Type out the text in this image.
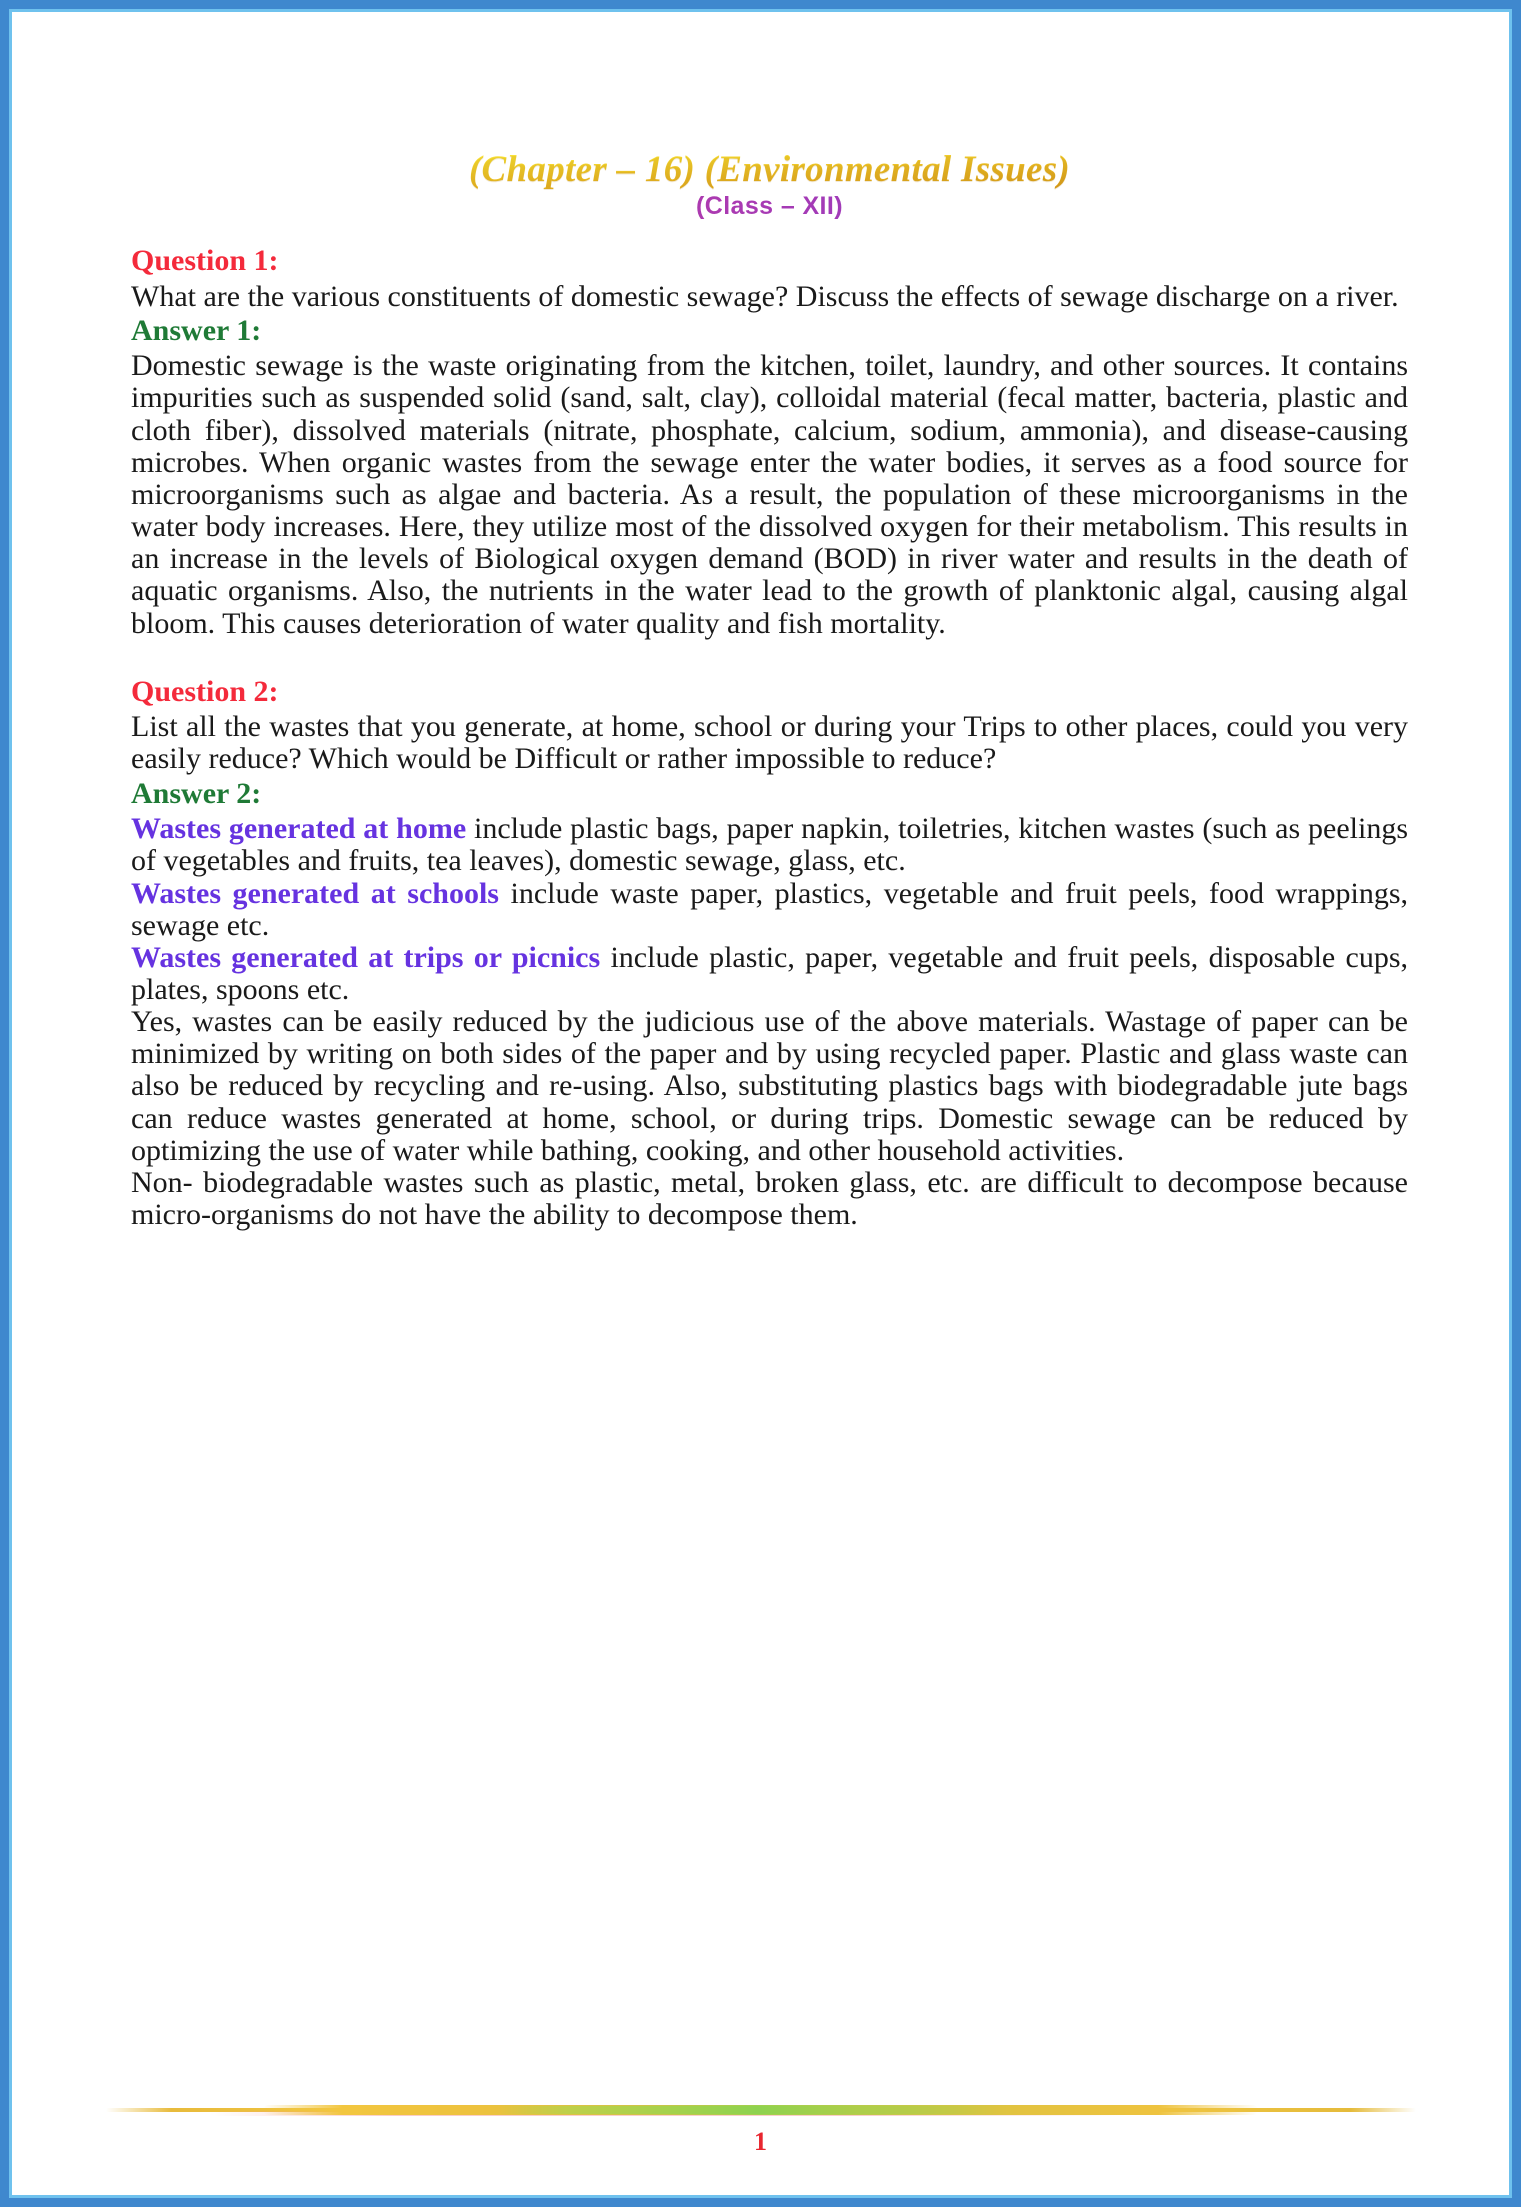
(Chapter – 16) (Environmental Issues)
(Class – XII)
Question 1:

What are the various constituents of domestic sewage? Discuss the effects of sewage discharge on a river.

Answer 1:

Domestic sewage is the waste originating from the kitchen, toilet, laundry, and other sources. It contains impurities such as suspended solid (sand, salt, clay), colloidal material (fecal matter, bacteria, plastic and cloth fiber), dissolved materials (nitrate, phosphate, calcium, sodium, ammonia), and disease-causing microbes. When organic wastes from the sewage enter the water bodies, it serves as a food source for microorganisms such as algae and bacteria. As a result, the population of these microorganisms in the water body increases. Here, they utilize most of the dissolved oxygen for their metabolism. This results in an increase in the levels of Biological oxygen demand (BOD) in river water and results in the death of aquatic organisms. Also, the nutrients in the water lead to the growth of planktonic algal, causing algal bloom. This causes deterioration of water quality and fish mortality.

Question 2:

List all the wastes that you generate, at home, school or during your Trips to other places, could you very easily reduce? Which would be Difficult or rather impossible to reduce?

Answer 2:

Wastes generated at home include plastic bags, paper napkin, toiletries, kitchen wastes (such as peelings of vegetables and fruits, tea leaves), domestic sewage, glass, etc.

Wastes generated at schools include waste paper, plastics, vegetable and fruit peels, food wrappings, sewage etc.

Wastes generated at trips or picnics include plastic, paper, vegetable and fruit peels, disposable cups, plates, spoons etc.

Yes, wastes can be easily reduced by the judicious use of the above materials. Wastage of paper can be minimized by writing on both sides of the paper and by using recycled paper. Plastic and glass waste can also be reduced by recycling and re-using. Also, substituting plastics bags with biodegradable jute bags can reduce wastes generated at home, school, or during trips. Domestic sewage can be reduced by optimizing the use of water while bathing, cooking, and other household activities.

Non- biodegradable wastes such as plastic, metal, broken glass, etc. are difficult to decompose because micro-organisms do not have the ability to decompose them.

1
